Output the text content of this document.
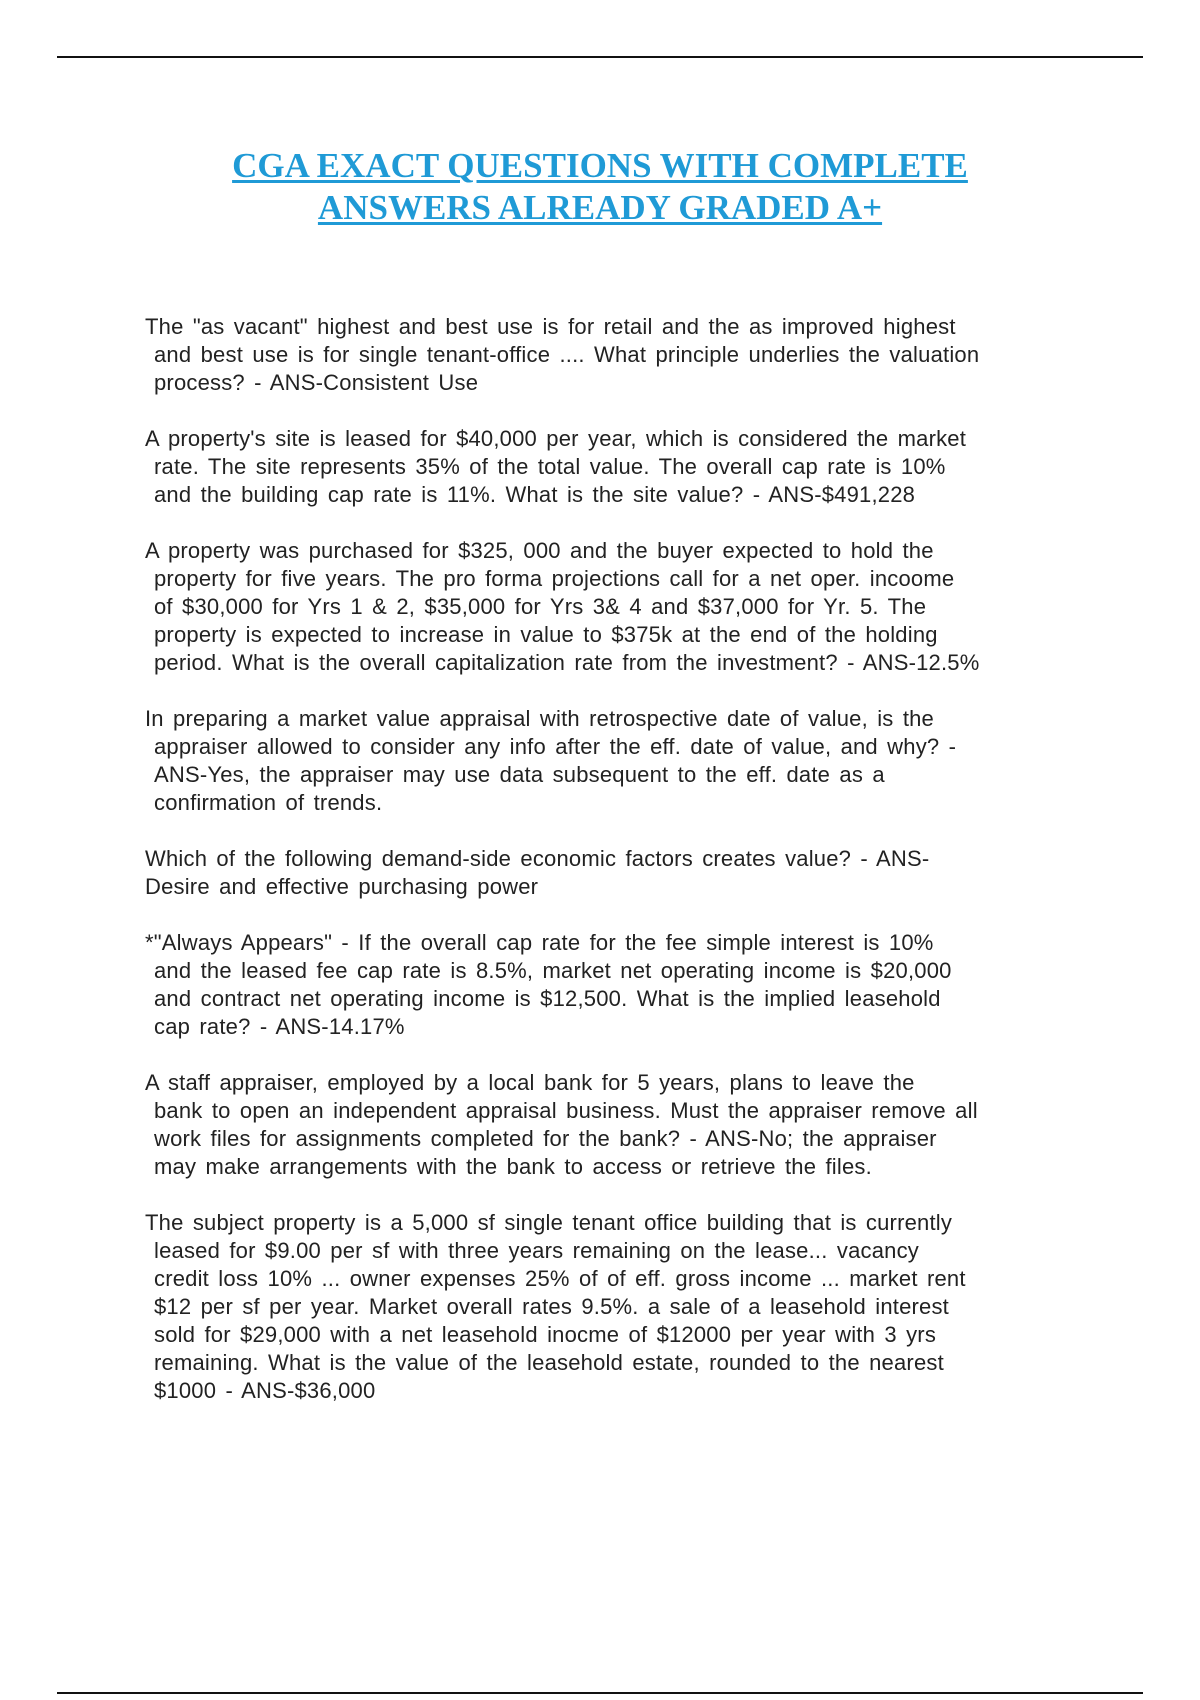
CGA EXACT QUESTIONS WITH COMPLETE
ANSWERS ALREADY GRADED A+
The "as vacant" highest and best use is for retail and the as improved highest
and best use is for single tenant-office .... What principle underlies the valuation
process? - ANS-Consistent Use
A property's site is leased for $40,000 per year, which is considered the market
rate. The site represents 35% of the total value. The overall cap rate is 10%
and the building cap rate is 11%. What is the site value? - ANS-$491,228
A property was purchased for $325, 000 and the buyer expected to hold the
property for five years. The pro forma projections call for a net oper. incoome
of $30,000 for Yrs 1 & 2, $35,000 for Yrs 3& 4 and $37,000 for Yr. 5. The
property is expected to increase in value to $375k at the end of the holding
period. What is the overall capitalization rate from the investment? - ANS-12.5%
In preparing a market value appraisal with retrospective date of value, is the
appraiser allowed to consider any info after the eff. date of value, and why? -
ANS-Yes, the appraiser may use data subsequent to the eff. date as a
confirmation of trends.
Which of the following demand-side economic factors creates value? - ANS-
Desire and effective purchasing power
*"Always Appears" - If the overall cap rate for the fee simple interest is 10%
and the leased fee cap rate is 8.5%, market net operating income is $20,000
and contract net operating income is $12,500. What is the implied leasehold
cap rate? - ANS-14.17%
A staff appraiser, employed by a local bank for 5 years, plans to leave the
bank to open an independent appraisal business. Must the appraiser remove all
work files for assignments completed for the bank? - ANS-No; the appraiser
may make arrangements with the bank to access or retrieve the files.
The subject property is a 5,000 sf single tenant office building that is currently
leased for $9.00 per sf with three years remaining on the lease... vacancy
credit loss 10% ... owner expenses 25% of of eff. gross income ... market rent
$12 per sf per year. Market overall rates 9.5%. a sale of a leasehold interest
sold for $29,000 with a net leasehold inocme of $12000 per year with 3 yrs
remaining. What is the value of the leasehold estate, rounded to the nearest
$1000 - ANS-$36,000
